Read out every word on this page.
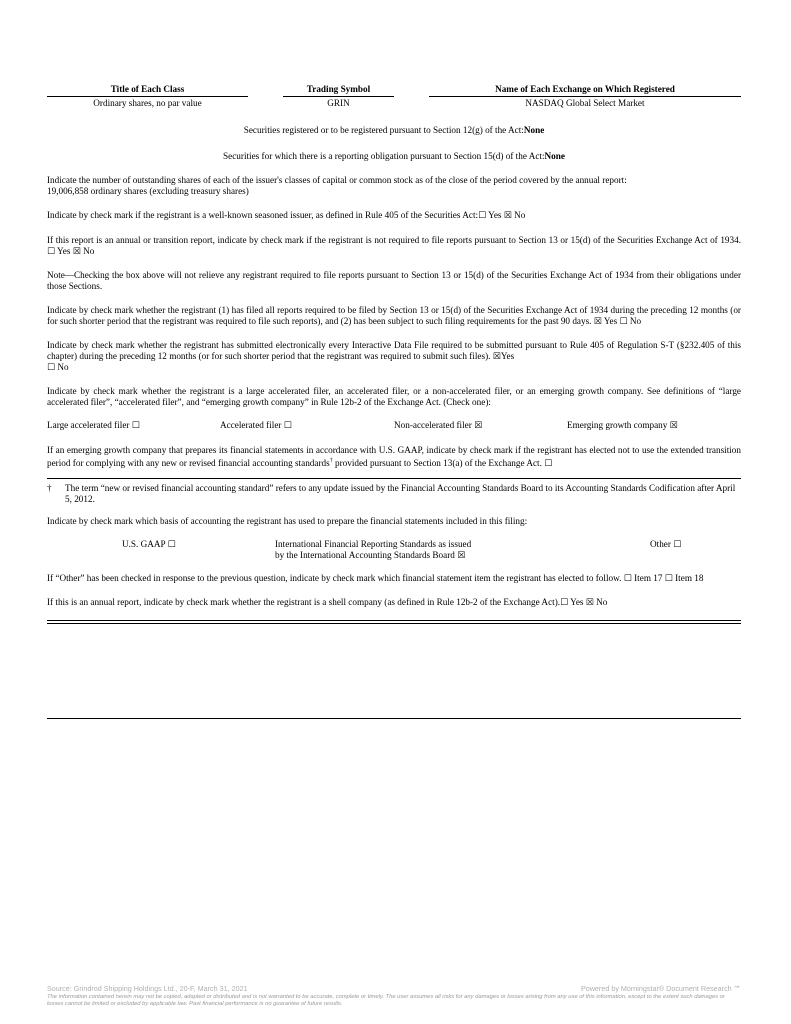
Title of Each Class		Trading Symbol		Name of Each Exchange on Which Registered
Ordinary shares, no par value		GRIN		NASDAQ Global Select Market

Securities registered or to be registered pursuant to Section 12(g) of the Act:None

Securities for which there is a reporting obligation pursuant to Section 15(d) of the Act:None

Indicate the number of outstanding shares of each of the issuer's classes of capital or common stock as of the close of the period covered by the annual report:
19,006,858 ordinary shares (excluding treasury shares)

Indicate by check mark if the registrant is a well-known seasoned issuer, as defined in Rule 405 of the Securities Act:☐ Yes ☒ No

If this report is an annual or transition report, indicate by check mark if the registrant is not required to file reports pursuant to Section 13 or 15(d) of the Securities Exchange Act of 1934. ☐ Yes ☒ No

Note—Checking the box above will not relieve any registrant required to file reports pursuant to Section 13 or 15(d) of the Securities Exchange Act of 1934 from their obligations under those Sections.

Indicate by check mark whether the registrant (1) has filed all reports required to be filed by Section 13 or 15(d) of the Securities Exchange Act of 1934 during the preceding 12 months (or for such shorter period that the registrant was required to file such reports), and (2) has been subject to such filing requirements for the past 90 days. ☒ Yes ☐ No

Indicate by check mark whether the registrant has submitted electronically every Interactive Data File required to be submitted pursuant to Rule 405 of Regulation S-T (§232.405 of this chapter) during the preceding 12 months (or for such shorter period that the registrant was required to submit such files). ☒Yes
☐ No

Indicate by check mark whether the registrant is a large accelerated filer, an accelerated filer, or a non-accelerated filer, or an emerging growth company. See definitions of “large accelerated filer”, “accelerated filer”, and “emerging growth company” in Rule 12b-2 of the Exchange Act. (Check one):

Large accelerated filer ☐	Accelerated filer ☐	Non-accelerated filer ☒	Emerging growth company ☒

If an emerging growth company that prepares its financial statements in accordance with U.S. GAAP, indicate by check mark if the registrant has elected not to use the extended transition period for complying with any new or revised financial accounting standards† provided pursuant to Section 13(a) of the Exchange Act. ☐

†	The term “new or revised financial accounting standard” refers to any update issued by the Financial Accounting Standards Board to its Accounting Standards Codification after April 5, 2012.

Indicate by check mark which basis of accounting the registrant has used to prepare the financial statements included in this filing:

U.S. GAAP ☐	International Financial Reporting Standards as issued
by the International Accounting Standards Board ☒
Other ☐

If “Other” has been checked in response to the previous question, indicate by check mark which financial statement item the registrant has elected to follow. ☐ Item 17 ☐ Item 18

If this is an annual report, indicate by check mark whether the registrant is a shell company (as defined in Rule 12b-2 of the Exchange Act).☐ Yes ☒ No

Source: Grindrod Shipping Holdings Ltd., 20-F, March 31, 2021	Powered by Morningstar® Document Research ℠
The information contained herein may not be copied, adapted or distributed and is not warranted to be accurate, complete or timely. The user assumes all risks for any damages or losses arising from any use of this information, except to the extent such damages or losses cannot be limited or excluded by applicable law. Past financial performance is no guarantee of future results.
